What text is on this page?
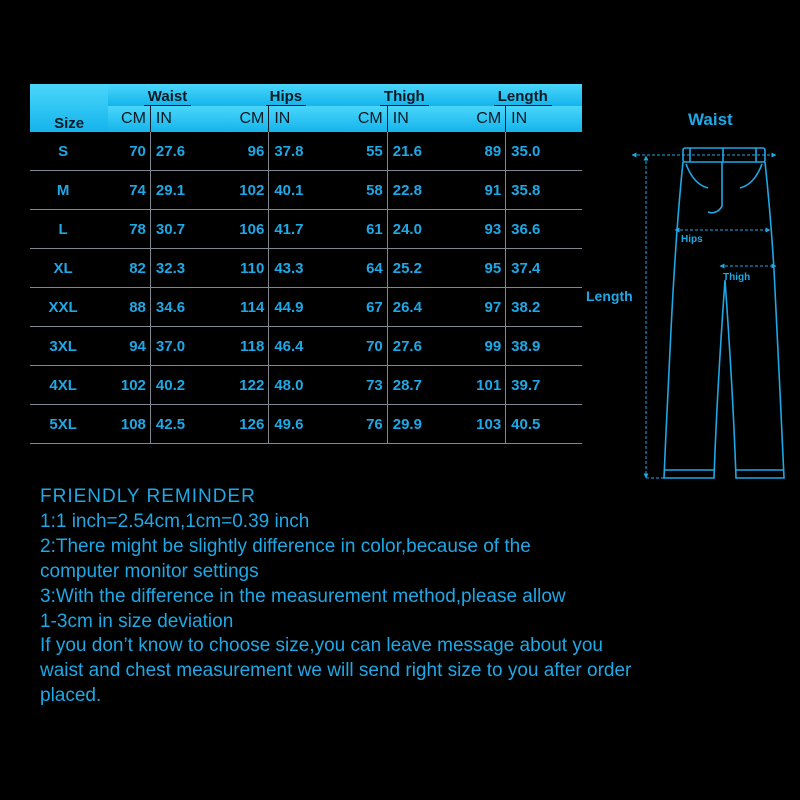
Size	Waist		Hips		Thigh		Length	
	CM	IN	CM	IN	CM	IN	CM	IN
S	70	27.6	96	37.8	55	21.6	89	35.0
M	74	29.1	102	40.1	58	22.8	91	35.8
L	78	30.7	106	41.7	61	24.0	93	36.6
XL	82	32.3	110	43.3	64	25.2	95	37.4
XXL	88	34.6	114	44.9	67	26.4	97	38.2
3XL	94	37.0	118	46.4	70	27.6	99	38.9
4XL	102	40.2	122	48.0	73	28.7	101	39.7
5XL	108	42.5	126	49.6	76	29.9	103	40.5
Waist
Length
Hips
Thigh
FRIENDLY REMINDER
1:1 inch=2.54cm,1cm=0.39 inch
2:There might be slightly difference in color,because of the
computer monitor settings
3:With the difference in the measurement method,please allow
1-3cm in size deviation
If you don’t know to choose size,you can leave message about you
waist and chest measurement we will send right size to you after order
placed.
